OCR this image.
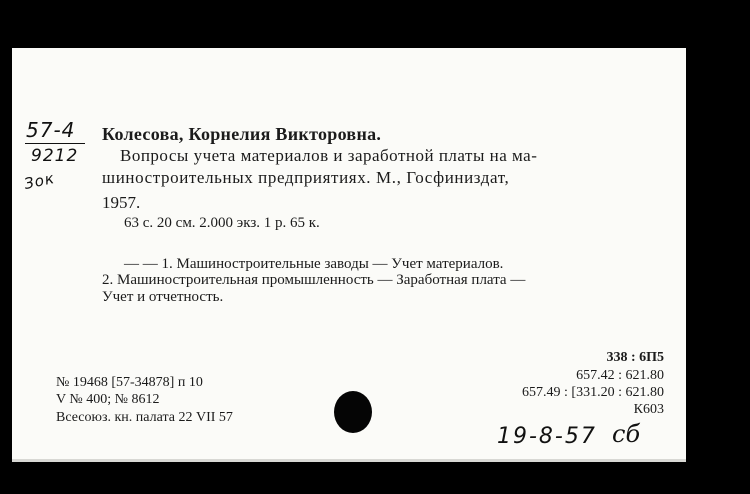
57-4
9212
Зок
Колесова, Корнелия Викторовна.
Вопросы учета материалов и заработной платы на ма-
шиностроительных предприятиях. М., Госфиниздат,
1957.
63 с. 20 см. 2.000 экз. 1 р. 65 к.
— — 1. Машиностроительные заводы — Учет материалов.
2. Машиностроительная промышленность — Заработная плата —
Учет и отчетность.
№ 19468 [57-34878] п 10
V № 400; № 8612
Всесоюз. кн. палата 22 VII 57
338 : 6П5
657.42 : 621.80
657.49 : [331.20 : 621.80
К603
19-8-57 сб
